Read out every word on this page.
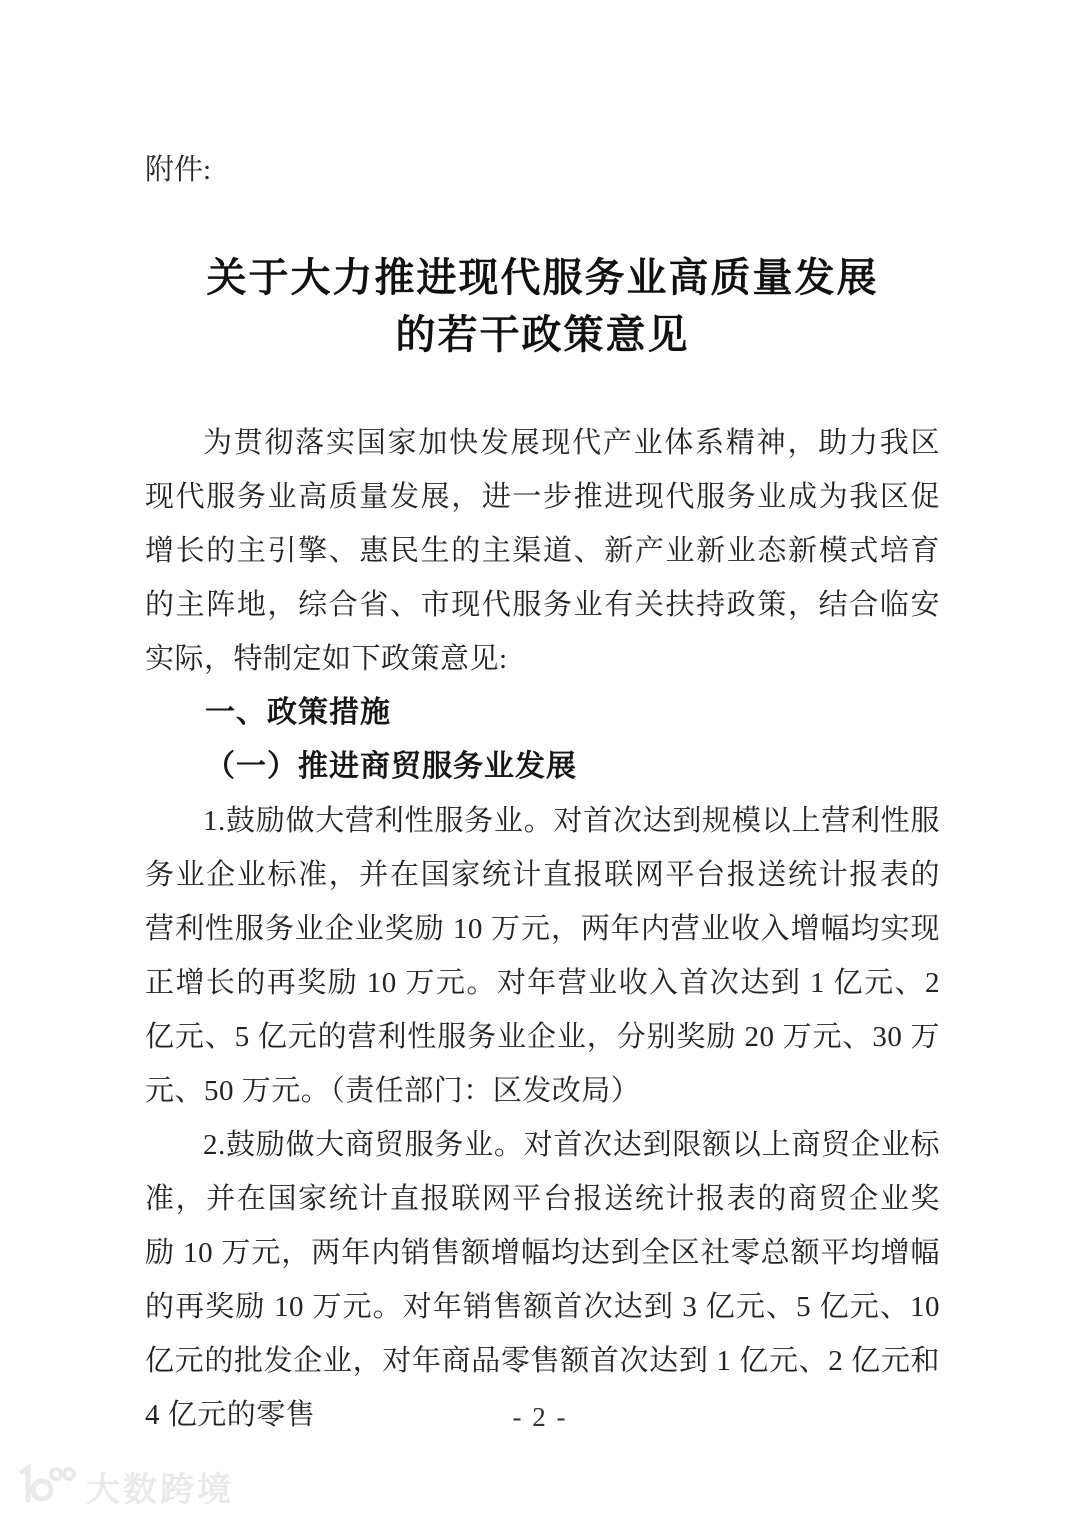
附件:
关于大力推进现代服务业高质量发展
的若干政策意见

为贯彻落实国家加快发展现代产业体系精神，助力我区现代服务业高质量发展，进一步推进现代服务业成为我区促增长的主引擎、惠民生的主渠道、新产业新业态新模式培育的主阵地，综合省、市现代服务业有关扶持政策，结合临安实际，特制定如下政策意见:

一、政策措施

（一）推进商贸服务业发展

1.鼓励做大营利性服务业。对首次达到规模以上营利性服务业企业标准，并在国家统计直报联网平台报送统计报表的营利性服务业企业奖励 10 万元，两年内营业收入增幅均实现正增长的再奖励 10 万元。对年营业收入首次达到 1 亿元、2 亿元、5 亿元的营利性服务业企业，分别奖励 20 万元、30 万元、50 万元。（责任部门：区发改局）

2.鼓励做大商贸服务业。对首次达到限额以上商贸企业标准，并在国家统计直报联网平台报送统计报表的商贸企业奖励 10 万元，两年内销售额增幅均达到全区社零总额平均增幅的再奖励 10 万元。对年销售额首次达到 3 亿元、5 亿元、10 亿元的批发企业，对年商品零售额首次达到 1 亿元、2 亿元和 4 亿元的零售	- 2 -
大数跨境
